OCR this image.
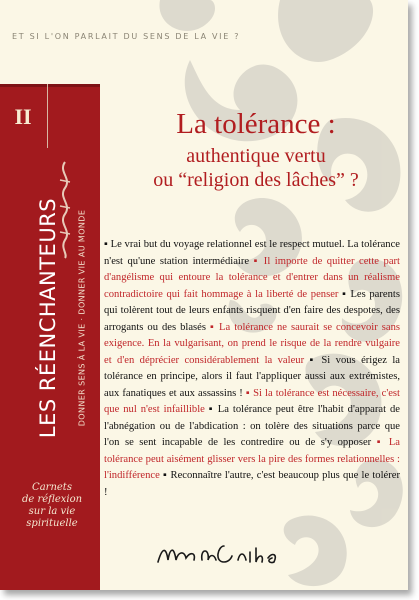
ET SI L'ON PARLAIT DU SENS DE LA VIE ?
II
LES RÉENCHANTEURS DONNER SENS À LA VIE · DONNER VIE AU MONDE
Carnets
de réflexion
sur la vie
spirituelle
La tolérance :
authentique vertu
ou “religion des lâches” ?
▪ Le vrai but du voyage relationnel est le respect mutuel. La tolérance n'est qu'une station intermédiaire ▪ Il importe de quitter cette part d'angélisme qui entoure la tolérance et d'entrer dans un réalisme contradictoire qui fait hommage à la liberté de penser ▪ Les parents qui tolèrent tout de leurs enfants risquent d'en faire des despotes, des arrogants ou des blasés ▪ La tolérance ne saurait se concevoir sans exigence. En la vulgarisant, on prend le risque de la rendre vulgaire et d'en déprécier considérablement la valeur ▪ Si vous érigez la tolérance en principe, alors il faut l'appliquer aussi aux extrémistes, aux fanatiques et aux assassins ! ▪ Si la tolérance est nécessaire, c'est que nul n'est infaillible ▪ La tolérance peut être l'habit d'apparat de l'abnégation ou de l'abdication : on tolère des situations parce que l'on se sent incapable de les contredire ou de s'y opposer ▪ La tolérance peut aisément glisser vers la pire des formes relationnelles : l'indifférence ▪ Reconnaître l'autre, c'est beaucoup plus que le tolérer !
Marke Cristo
